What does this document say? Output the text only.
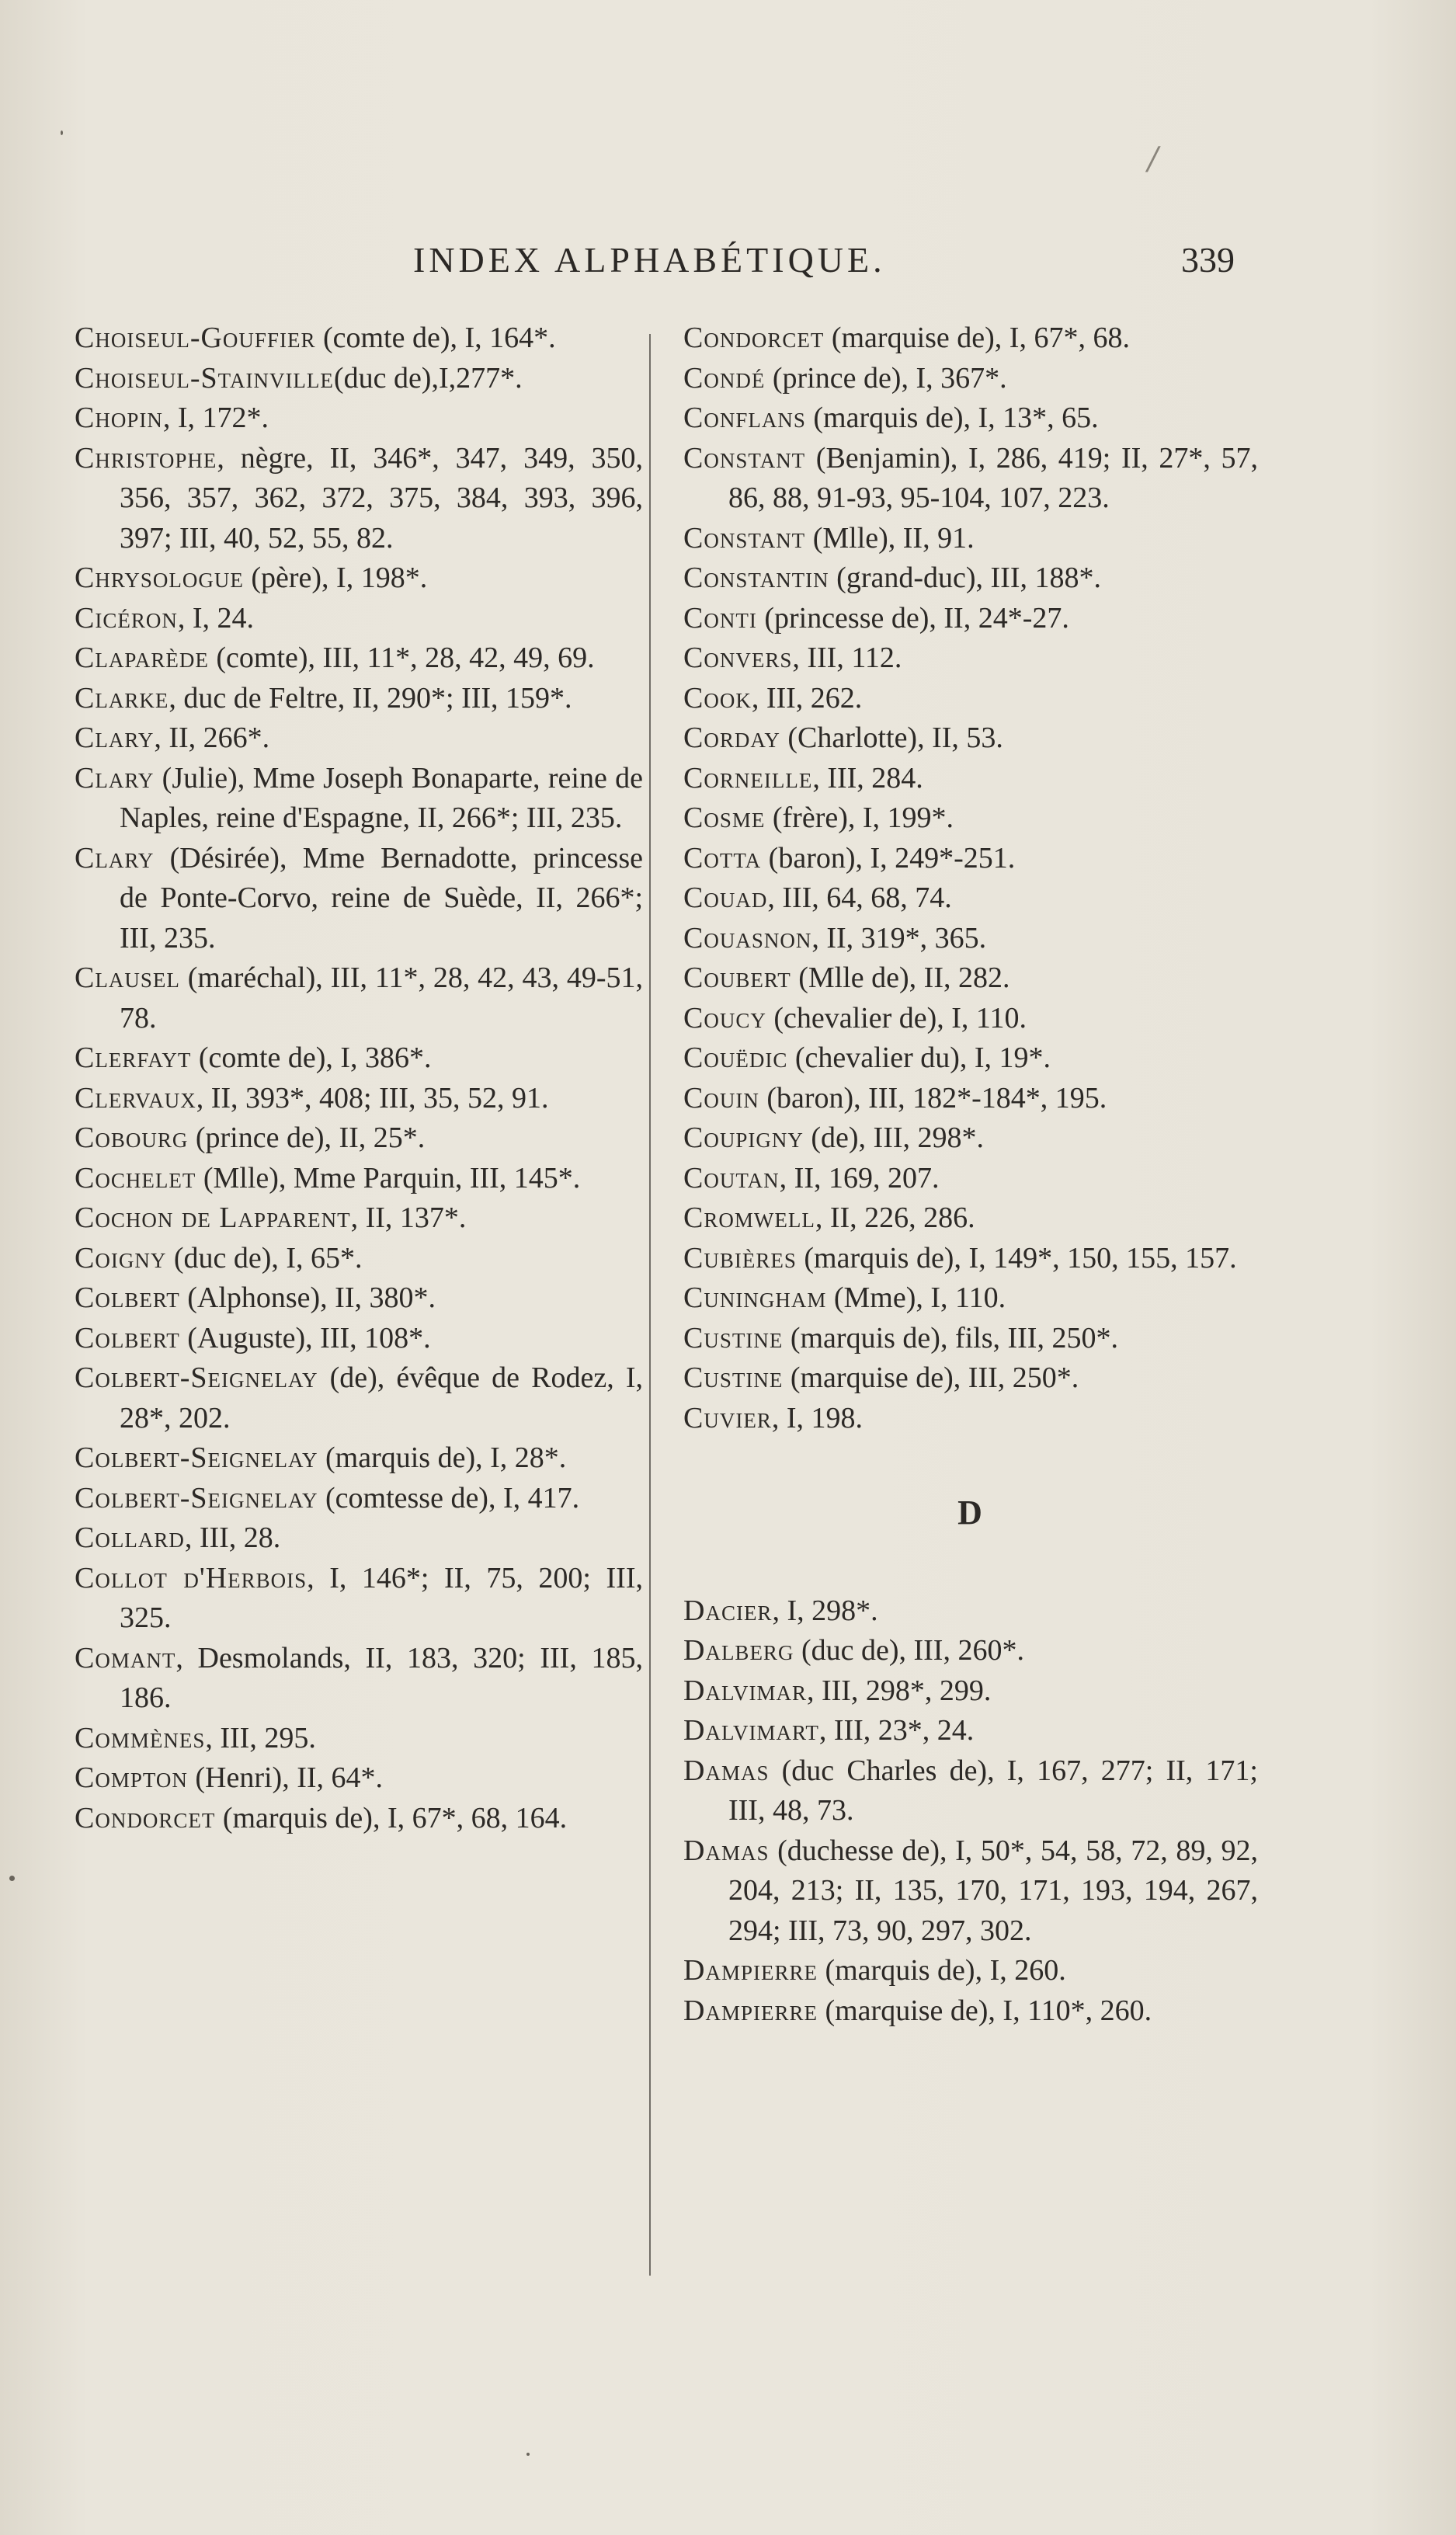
INDEX ALPHABÉTIQUE.	339
/

Choiseul-Gouffier (comte de), I, 164*.

Choiseul-Stainville(duc de),I,277*.

Chopin, I, 172*.

Christophe, nègre, II, 346*, 347, 349, 350, 356, 357, 362, 372, 375, 384, 393, 396, 397; III, 40, 52, 55, 82.

Chrysologue (père), I, 198*.

Cicéron, I, 24.

Claparède (comte), III, 11*, 28, 42, 49, 69.

Clarke, duc de Feltre, II, 290*; III, 159*.

Clary, II, 266*.

Clary (Julie), Mme Joseph Bonaparte, reine de Naples, reine d'Espagne, II, 266*; III, 235.

Clary (Désirée), Mme Bernadotte, princesse de Ponte-Corvo, reine de Suède, II, 266*; III, 235.

Clausel (maréchal), III, 11*, 28, 42, 43, 49-51, 78.

Clerfayt (comte de), I, 386*.

Clervaux, II, 393*, 408; III, 35, 52, 91.

Cobourg (prince de), II, 25*.

Cochelet (Mlle), Mme Parquin, III, 145*.

Cochon de Lapparent, II, 137*.

Coigny (duc de), I, 65*.

Colbert (Alphonse), II, 380*.

Colbert (Auguste), III, 108*.

Colbert-Seignelay (de), évêque de Rodez, I, 28*, 202.

Colbert-Seignelay (marquis de), I, 28*.

Colbert-Seignelay (comtesse de), I, 417.

Collard, III, 28.

Collot d'Herbois, I, 146*; II, 75, 200; III, 325.

Comant, Desmolands, II, 183, 320; III, 185, 186.

Commènes, III, 295.

Compton (Henri), II, 64*.

Condorcet (marquis de), I, 67*, 68, 164.

Condorcet (marquise de), I, 67*, 68.

Condé (prince de), I, 367*.

Conflans (marquis de), I, 13*, 65.

Constant (Benjamin), I, 286, 419; II, 27*, 57, 86, 88, 91-93, 95-104, 107, 223.

Constant (Mlle), II, 91.

Constantin (grand-duc), III, 188*.

Conti (princesse de), II, 24*-27.

Convers, III, 112.

Cook, III, 262.

Corday (Charlotte), II, 53.

Corneille, III, 284.

Cosme (frère), I, 199*.

Cotta (baron), I, 249*-251.

Couad, III, 64, 68, 74.

Couasnon, II, 319*, 365.

Coubert (Mlle de), II, 282.

Coucy (chevalier de), I, 110.

Couëdic (chevalier du), I, 19*.

Couin (baron), III, 182*-184*, 195.

Coupigny (de), III, 298*.

Coutan, II, 169, 207.

Cromwell, II, 226, 286.

Cubières (marquis de), I, 149*, 150, 155, 157.

Cuningham (Mme), I, 110.

Custine (marquis de), fils, III, 250*.

Custine (marquise de), III, 250*.

Cuvier, I, 198.

D

Dacier, I, 298*.

Dalberg (duc de), III, 260*.

Dalvimar, III, 298*, 299.

Dalvimart, III, 23*, 24.

Damas (duc Charles de), I, 167, 277; II, 171; III, 48, 73.

Damas (duchesse de), I, 50*, 54, 58, 72, 89, 92, 204, 213; II, 135, 170, 171, 193, 194, 267, 294; III, 73, 90, 297, 302.

Dampierre (marquis de), I, 260.

Dampierre (marquise de), I, 110*, 260.
